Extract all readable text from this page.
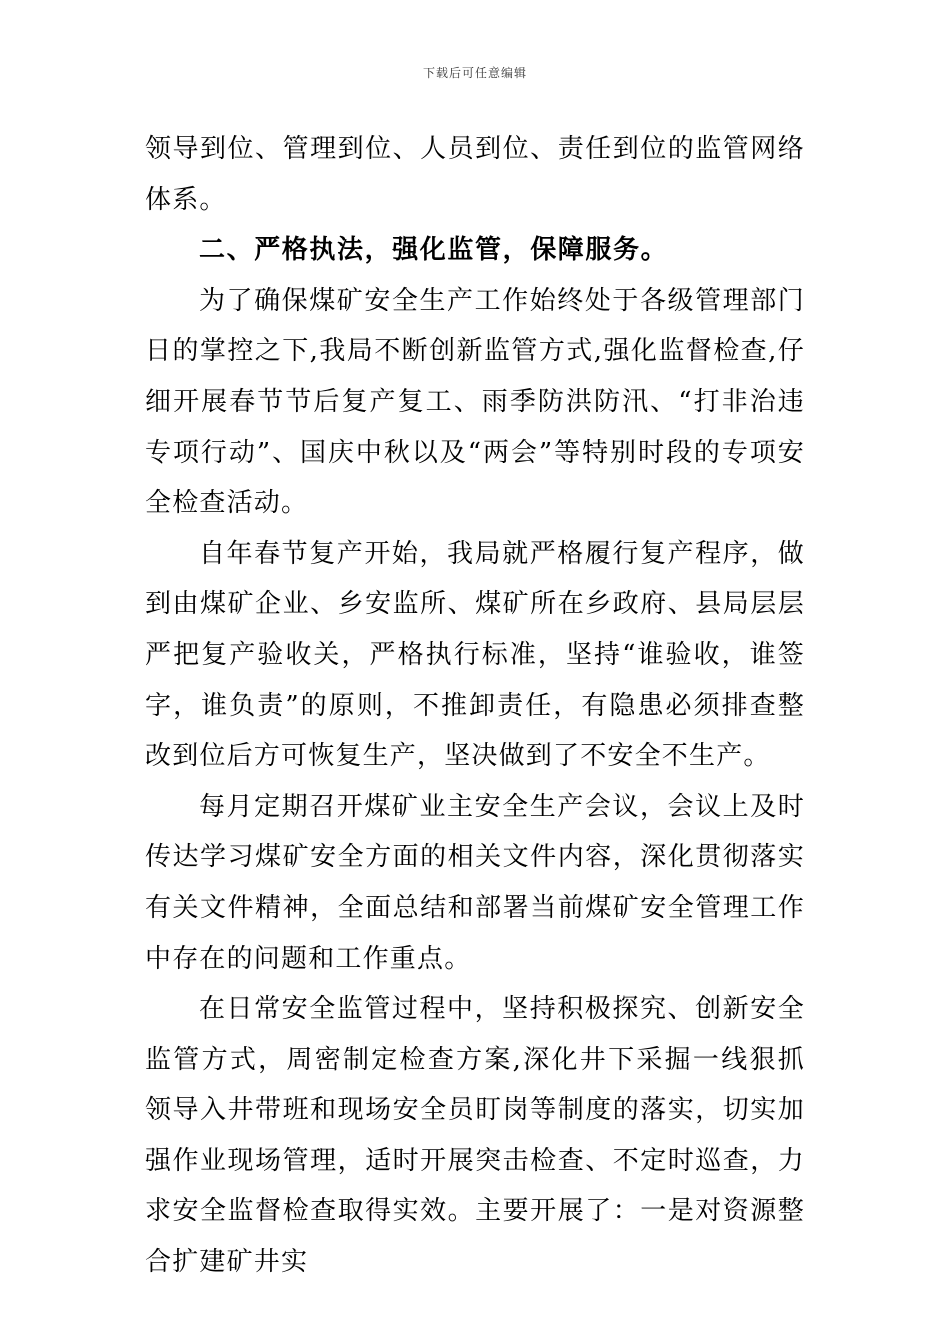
下载后可任意编辑

领导到位、管理到位、人员到位、责任到位的监管网络体系。

二、严格执法，强化监管，保障服务。

为了确保煤矿安全生产工作始终处于各级管理部门日的掌控之下,我局不断创新监管方式,强化监督检查,仔细开展春节节后复产复工、雨季防洪防汛、“打非治违专项行动”、国庆中秋以及“两会”等特别时段的专项安全检查活动。

自年春节复产开始，我局就严格履行复产程序，做到由煤矿企业、乡安监所、煤矿所在乡政府、县局层层严把复产验收关，严格执行标准，坚持“谁验收，谁签字，谁负责”的原则，不推卸责任，有隐患必须排查整改到位后方可恢复生产，坚决做到了不安全不生产。

每月定期召开煤矿业主安全生产会议，会议上及时传达学习煤矿安全方面的相关文件内容，深化贯彻落实有关文件精神，全面总结和部署当前煤矿安全管理工作中存在的问题和工作重点。

在日常安全监管过程中，坚持积极探究、创新安全监管方式，周密制定检查方案,深化井下采掘一线狠抓领导入井带班和现场安全员盯岗等制度的落实，切实加强作业现场管理，适时开展突击检查、不定时巡查，力求安全监督检查取得实效。主要开展了：一是对资源整合扩建矿井实
